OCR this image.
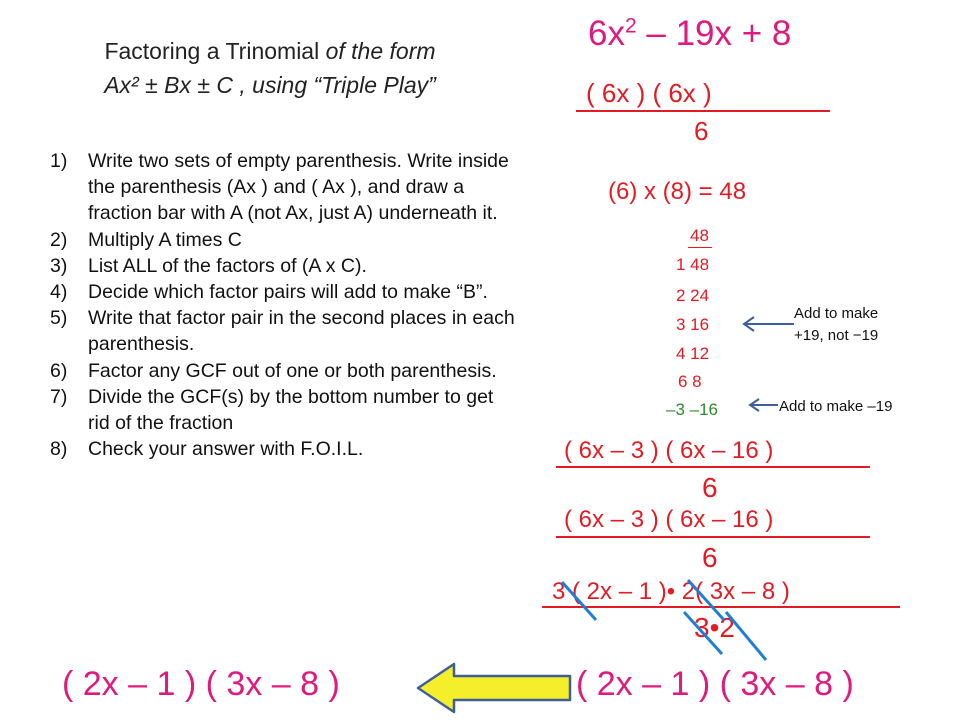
Factoring a Trinomial of the form
Ax² ± Bx ± C , using “Triple Play”
1) Write two sets of empty parenthesis. Write inside the parenthesis (Ax ) and ( Ax ), and draw a fraction bar with A (not Ax, just A) underneath it.
2) Multiply A times C
3) List ALL of the factors of (A x C).
4) Decide which factor pairs will add to make “B”.
5) Write that factor pair in the second places in each parenthesis.
6) Factor any GCF out of one or both parenthesis.
7) Divide the GCF(s) by the bottom number to get rid of the fraction
8) Check your answer with F.O.I.L.
$6x^2 - 19x + 8$
( 6x ) ( 6x )
6
(6) x (8) = 48
48
1 48
2 24
3 16
4 12
6 8
–3 –16
Add to make
+19, not −19
Add to make –19
( 6x – 3 ) ( 6x – 16 )
6
( 6x – 3 ) ( 6x – 16 )
6
3 ( 2x – 1 )• 2( 3x – 8 )
3•2
( 2x – 1 ) ( 3x – 8 )
( 2x – 1 ) ( 3x – 8 )
